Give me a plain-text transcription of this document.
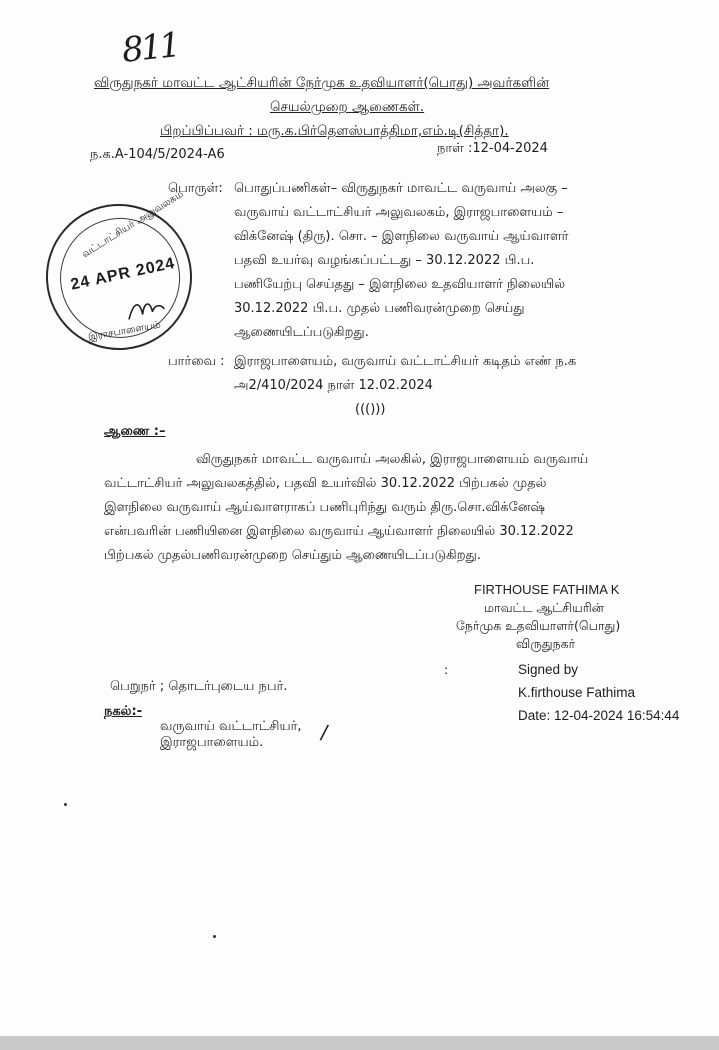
811
விருதுநகர் மாவட்ட ஆட்சியரின் நேர்முக உதவியாளர்(பொது) அவர்களின்
செயல்முறை ஆணைகள்.
பிறப்பிப்பவர் : மரு.க.பிர்தௌஸ்பாத்திமா,எம்.டி(சித்தா).
ந.க.A-104/5/2024-A6	நாள் :12-04-2024
பொருள்: பொதுப்பணிகள்– விருதுநகர் மாவட்ட வருவாய் அலகு –
வருவாய் வட்டாட்சியர் அலுவலகம், இராஜபாளையம் –
விக்னேஷ் (திரு). சொ. – இளநிலை வருவாய் ஆய்வாளர்
பதவி உயர்வு வழங்கப்பட்டது – 30.12.2022 பி.ப.
பணியேற்பு செய்தது – இளநிலை உதவியாளர் நிலையில்
30.12.2022 பி.ப. முதல் பணிவரன்முறை செய்து
ஆணையிடப்படுகிறது.
பார்வை : இராஜபாளையம், வருவாய் வட்டாட்சியர் கடிதம் எண் ந.க
அ2/410/2024 நாள் 12.02.2024
((()))
ஆணை :–
விருதுநகர் மாவட்ட வருவாய் அலகில், இராஜபாளையம் வருவாய்
வட்டாட்சியர் அலுவலகத்தில், பதவி உயர்வில் 30.12.2022 பிற்பகல் முதல்
இளநிலை வருவாய் ஆய்வாளராகப் பணிபுரிந்து வரும் திரு.சொ.விக்னேஷ்
என்பவரின் பணியினை இளநிலை வருவாய் ஆய்வாளர் நிலையில் 30.12.2022
பிற்பகல் முதல்பணிவரன்முறை செய்தும் ஆணையிடப்படுகிறது.
FIRTHOUSE FATHIMA K
மாவட்ட ஆட்சியரின்
நேர்முக உதவியாளர்(பொது)
விருதுநகர்
:	Signed by
K.firthouse Fathima
Date: 12-04-2024 16:54:44
பெறுநர் ; தொடர்புடைய நபர்.
நகல்:-
வருவாய் வட்டாட்சியர்,
இராஜபாளையம்.	/
வட்டாட்சியர் அலுவலகம்
24 APR 2024
இராசபாளையம்
